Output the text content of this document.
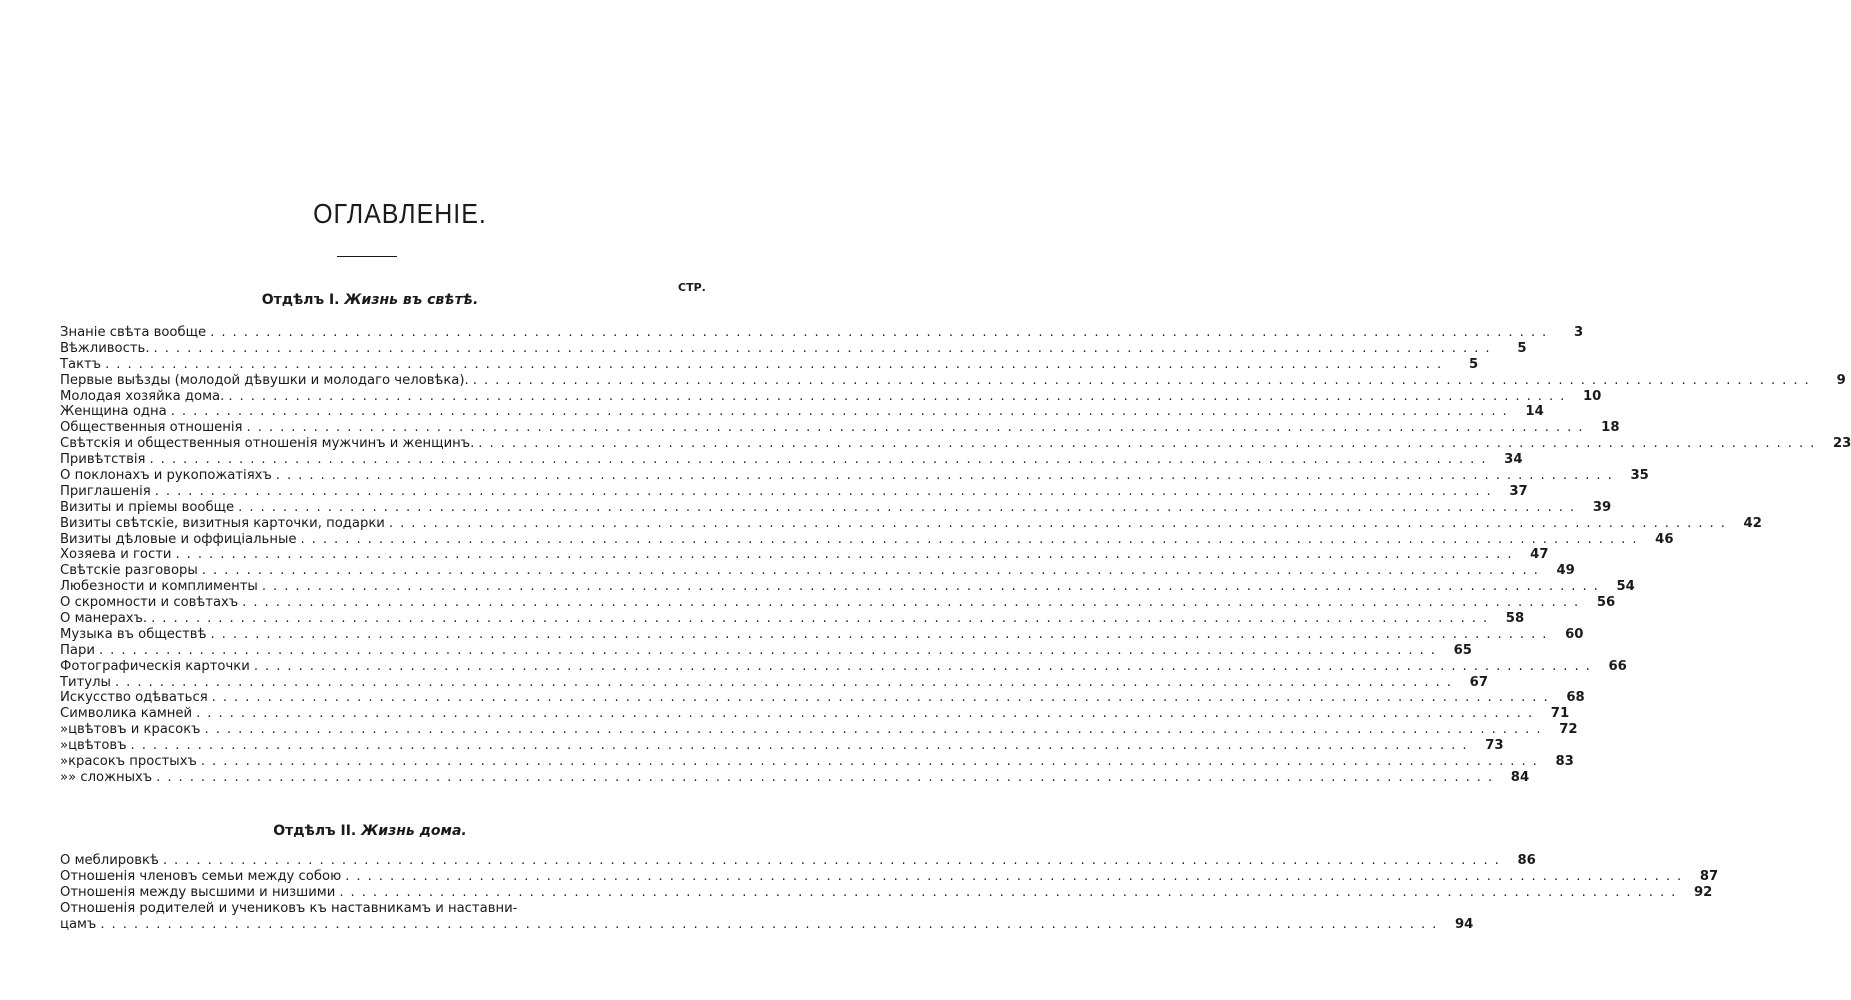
ОГЛАВЛЕНІЕ.
СТР.
Отдѣлъ I. Жизнь въ свѣтѣ.
Знаніе свѣта вообще ........................................................................................................................	3
Вѣжливость. ........................................................................................................................	5
Тактъ ........................................................................................................................	5
Первые выѣзды (молодой дѣвушки и молодаго человѣка). ........................................................................................................................	9
Молодая хозяйка дома. ........................................................................................................................ 10
Женщина одна ........................................................................................................................ 14
Общественныя отношенія ........................................................................................................................ 18
Свѣтскія и общественныя отношенія мужчинъ и женщинъ. ........................................................................................................................ 23
Привѣтствія ........................................................................................................................ 34
О поклонахъ и рукопожатіяхъ ........................................................................................................................ 35
Приглашенія ........................................................................................................................ 37
Визиты и пріемы вообще ........................................................................................................................ 39
Визиты свѣтскіе, визитныя карточки, подарки ........................................................................................................................ 42
Визиты дѣловые и оффиціальные ........................................................................................................................ 46
Хозяева и гости ........................................................................................................................ 47
Свѣтскіе разговоры ........................................................................................................................ 49
Любезности и комплименты ........................................................................................................................ 54
О скромности и совѣтахъ ........................................................................................................................ 56
О манерахъ. ........................................................................................................................ 58
Музыка въ обществѣ ........................................................................................................................ 60
Пари ........................................................................................................................ 65
Фотографическія карточки ........................................................................................................................ 66
Титулы ........................................................................................................................ 67
Искусство одѣваться ........................................................................................................................ 68
Символика камней ........................................................................................................................ 71
» цвѣтовъ и красокъ ........................................................................................................................ 72
» цвѣтовъ ........................................................................................................................ 73
» красокъ простыхъ ........................................................................................................................ 83
» » сложныхъ ........................................................................................................................ 84
Отдѣлъ II. Жизнь дома.
О меблировкѣ ........................................................................................................................ 86
Отношенія членовъ семьи между собою ........................................................................................................................ 87
Отношенія между высшими и низшими ........................................................................................................................ 92
Отношенія родителей и учениковъ къ наставникамъ и наставни-
цамъ ........................................................................................................................ 94
